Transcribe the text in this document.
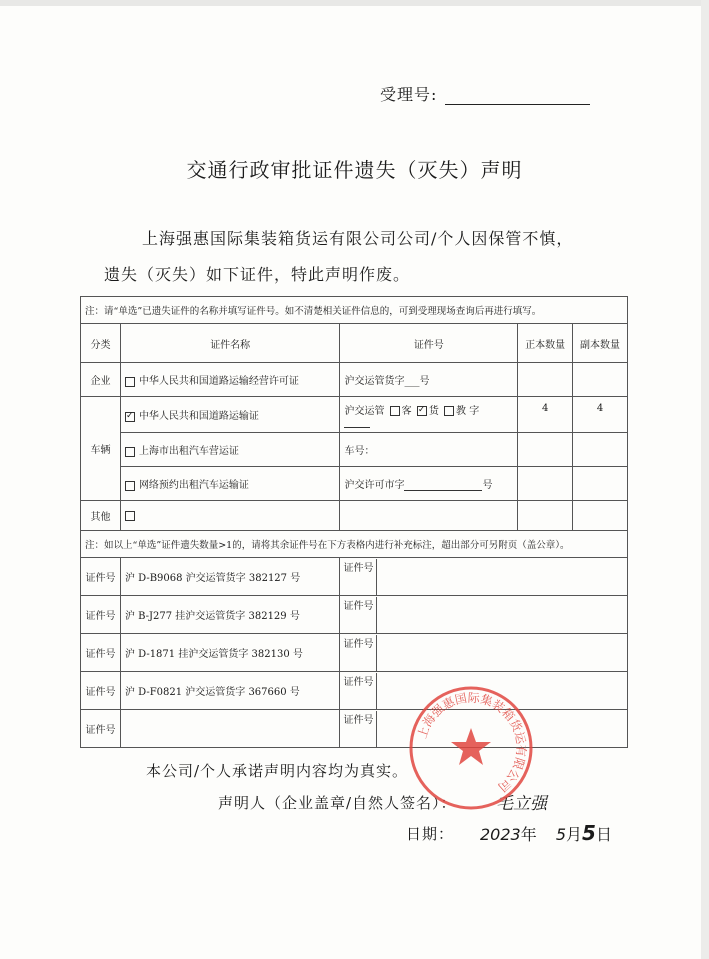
受理号:
交通行政审批证件遗失（灭失）声明
上海强惠国际集装箱货运有限公司公司/个人因保管不慎，
遗失（灭失）如下证件，特此声明作废。
注：请“单选”已遗失证件的名称并填写证件号。如不清楚相关证件信息的，可到受理现场查询后再进行填写。				
分类	证件名称	证件号	正本数量	副本数量
企业	中华人民共和国道路运输经营许可证	沪交运管货字___号		
车辆	✓中华人民共和国道路运输证	沪交运管 客 ✓ 货 教 字	4	4
	上海市出租汽车营运证	车号：		
	网络预约出租汽车运输证	沪交许可市字 号		
其他				
注：如以上“单选”证件遗失数量>1的，请将其余证件号在下方表格内进行补充标注，超出部分可另附页（盖公章）。				
证件号	沪 D-B9068 沪交运管货字 382127 号	证件号		

证件号	沪 B-J277 挂沪交运管货字 382129 号	证件号		

证件号	沪 D-1871 挂沪交运管货字 382130 号	证件号		

证件号	沪 D-F0821 沪交运管货字 367660 号	证件号		

证件号		证件号		
本公司/个人承诺声明内容均为真实。
声明人（企业盖章/自然人签名）： 毛立强
日期： 2023年 5月5日
上海强惠国际集装箱货运有限公司
